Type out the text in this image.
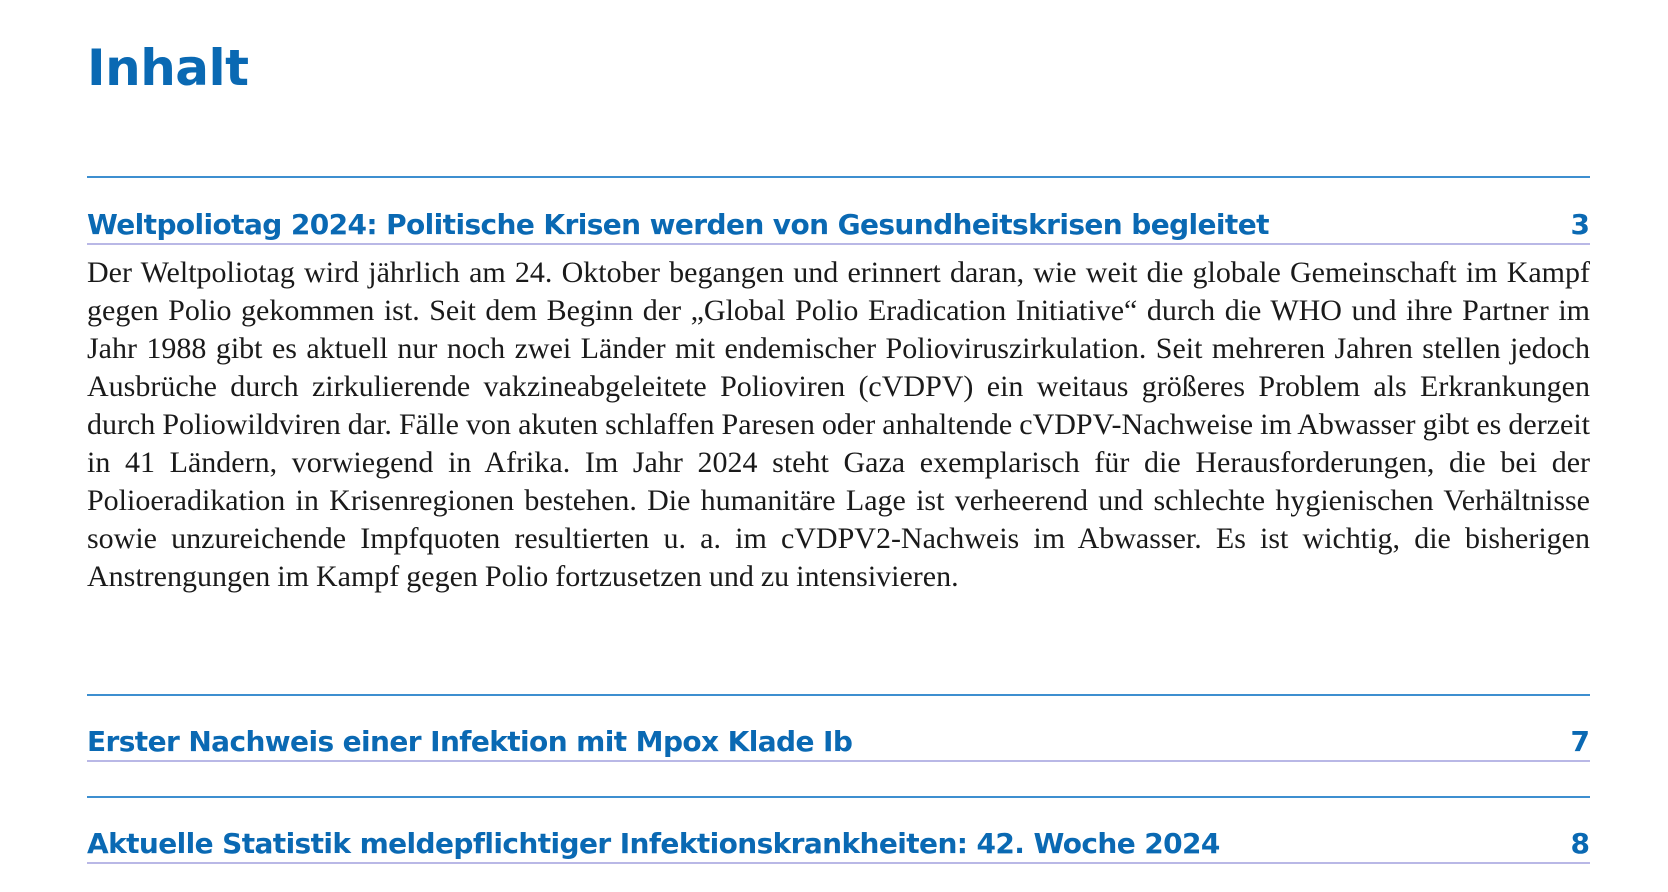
Inhalt
Weltpoliotag 2024: Politische Krisen werden von Gesundheitskrisen begleitet	3

Der Weltpoliotag wird jährlich am 24. Oktober begangen und erinnert daran, wie weit die globale Gemeinschaft im Kampf gegen Polio gekommen ist. Seit dem Beginn der „Global Polio Eradication Initiative“ durch die WHO und ihre Partner im Jahr 1988 gibt es aktuell nur noch zwei Länder mit endemischer Polioviruszirkulation. Seit mehreren Jahren stellen jedoch Ausbrüche durch zirkulierende vakzineabgeleitete Polioviren (cVDPV) ein weitaus größeres Problem als Erkrankungen durch Poliowildviren dar. Fälle von akuten schlaffen Paresen oder anhaltende cVDPV-Nachweise im Abwasser gibt es derzeit in 41 Ländern, vorwiegend in Afrika. Im Jahr 2024 steht Gaza exemplarisch für die Herausforderungen, die bei der Polioeradikation in Krisenregionen bestehen. Die humanitäre Lage ist verheerend und schlechte hygienischen Verhältnisse sowie unzureichende Impfquoten resultierten u. a. im cVDPV2-Nachweis im Abwasser. Es ist wichtig, die bisherigen Anstrengungen im Kampf gegen Polio fortzusetzen und zu intensivieren.

Erster Nachweis einer Infektion mit Mpox Klade Ib	7
Aktuelle Statistik meldepflichtiger Infektionskrankheiten: 42. Woche 2024	8
